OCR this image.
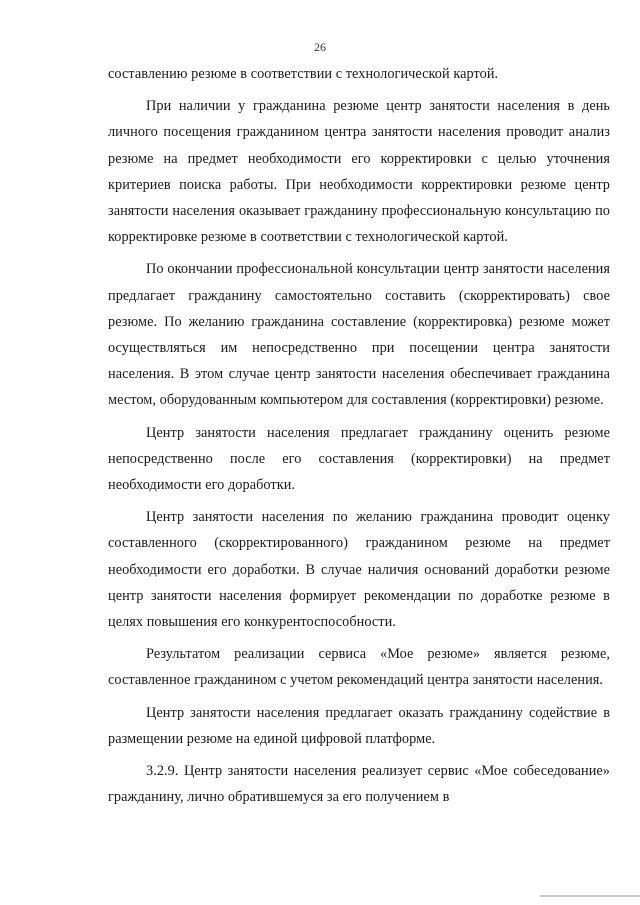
26

составлению резюме в соответствии с технологической картой.

При наличии у гражданина резюме центр занятости населения в день личного посещения гражданином центра занятости населения проводит анализ резюме на предмет необходимости его корректировки с целью уточнения критериев поиска работы. При необходимости корректировки резюме центр занятости населения оказывает гражданину профессиональную консультацию по корректировке резюме в соответствии с технологической картой.

По окончании профессиональной консультации центр занятости населения предлагает гражданину самостоятельно составить (скорректировать) свое резюме. По желанию гражданина составление (корректировка) резюме может осуществляться им непосредственно при посещении центра занятости населения. В этом случае центр занятости населения обеспечивает гражданина местом, оборудованным компьютером для составления (корректировки) резюме.

Центр занятости населения предлагает гражданину оценить резюме непосредственно после его составления (корректировки) на предмет необходимости его доработки.

Центр занятости населения по желанию гражданина проводит оценку составленного (скорректированного) гражданином резюме на предмет необходимости его доработки. В случае наличия оснований доработки резюме центр занятости населения формирует рекомендации по доработке резюме в целях повышения его конкурентоспособности.

Результатом реализации сервиса «Мое резюме» является резюме, составленное гражданином с учетом рекомендаций центра занятости населения.

Центр занятости населения предлагает оказать гражданину содействие в размещении резюме на единой цифровой платформе.

3.2.9. Центр занятости населения реализует сервис «Мое собеседование» гражданину, лично обратившемуся за его получением в
